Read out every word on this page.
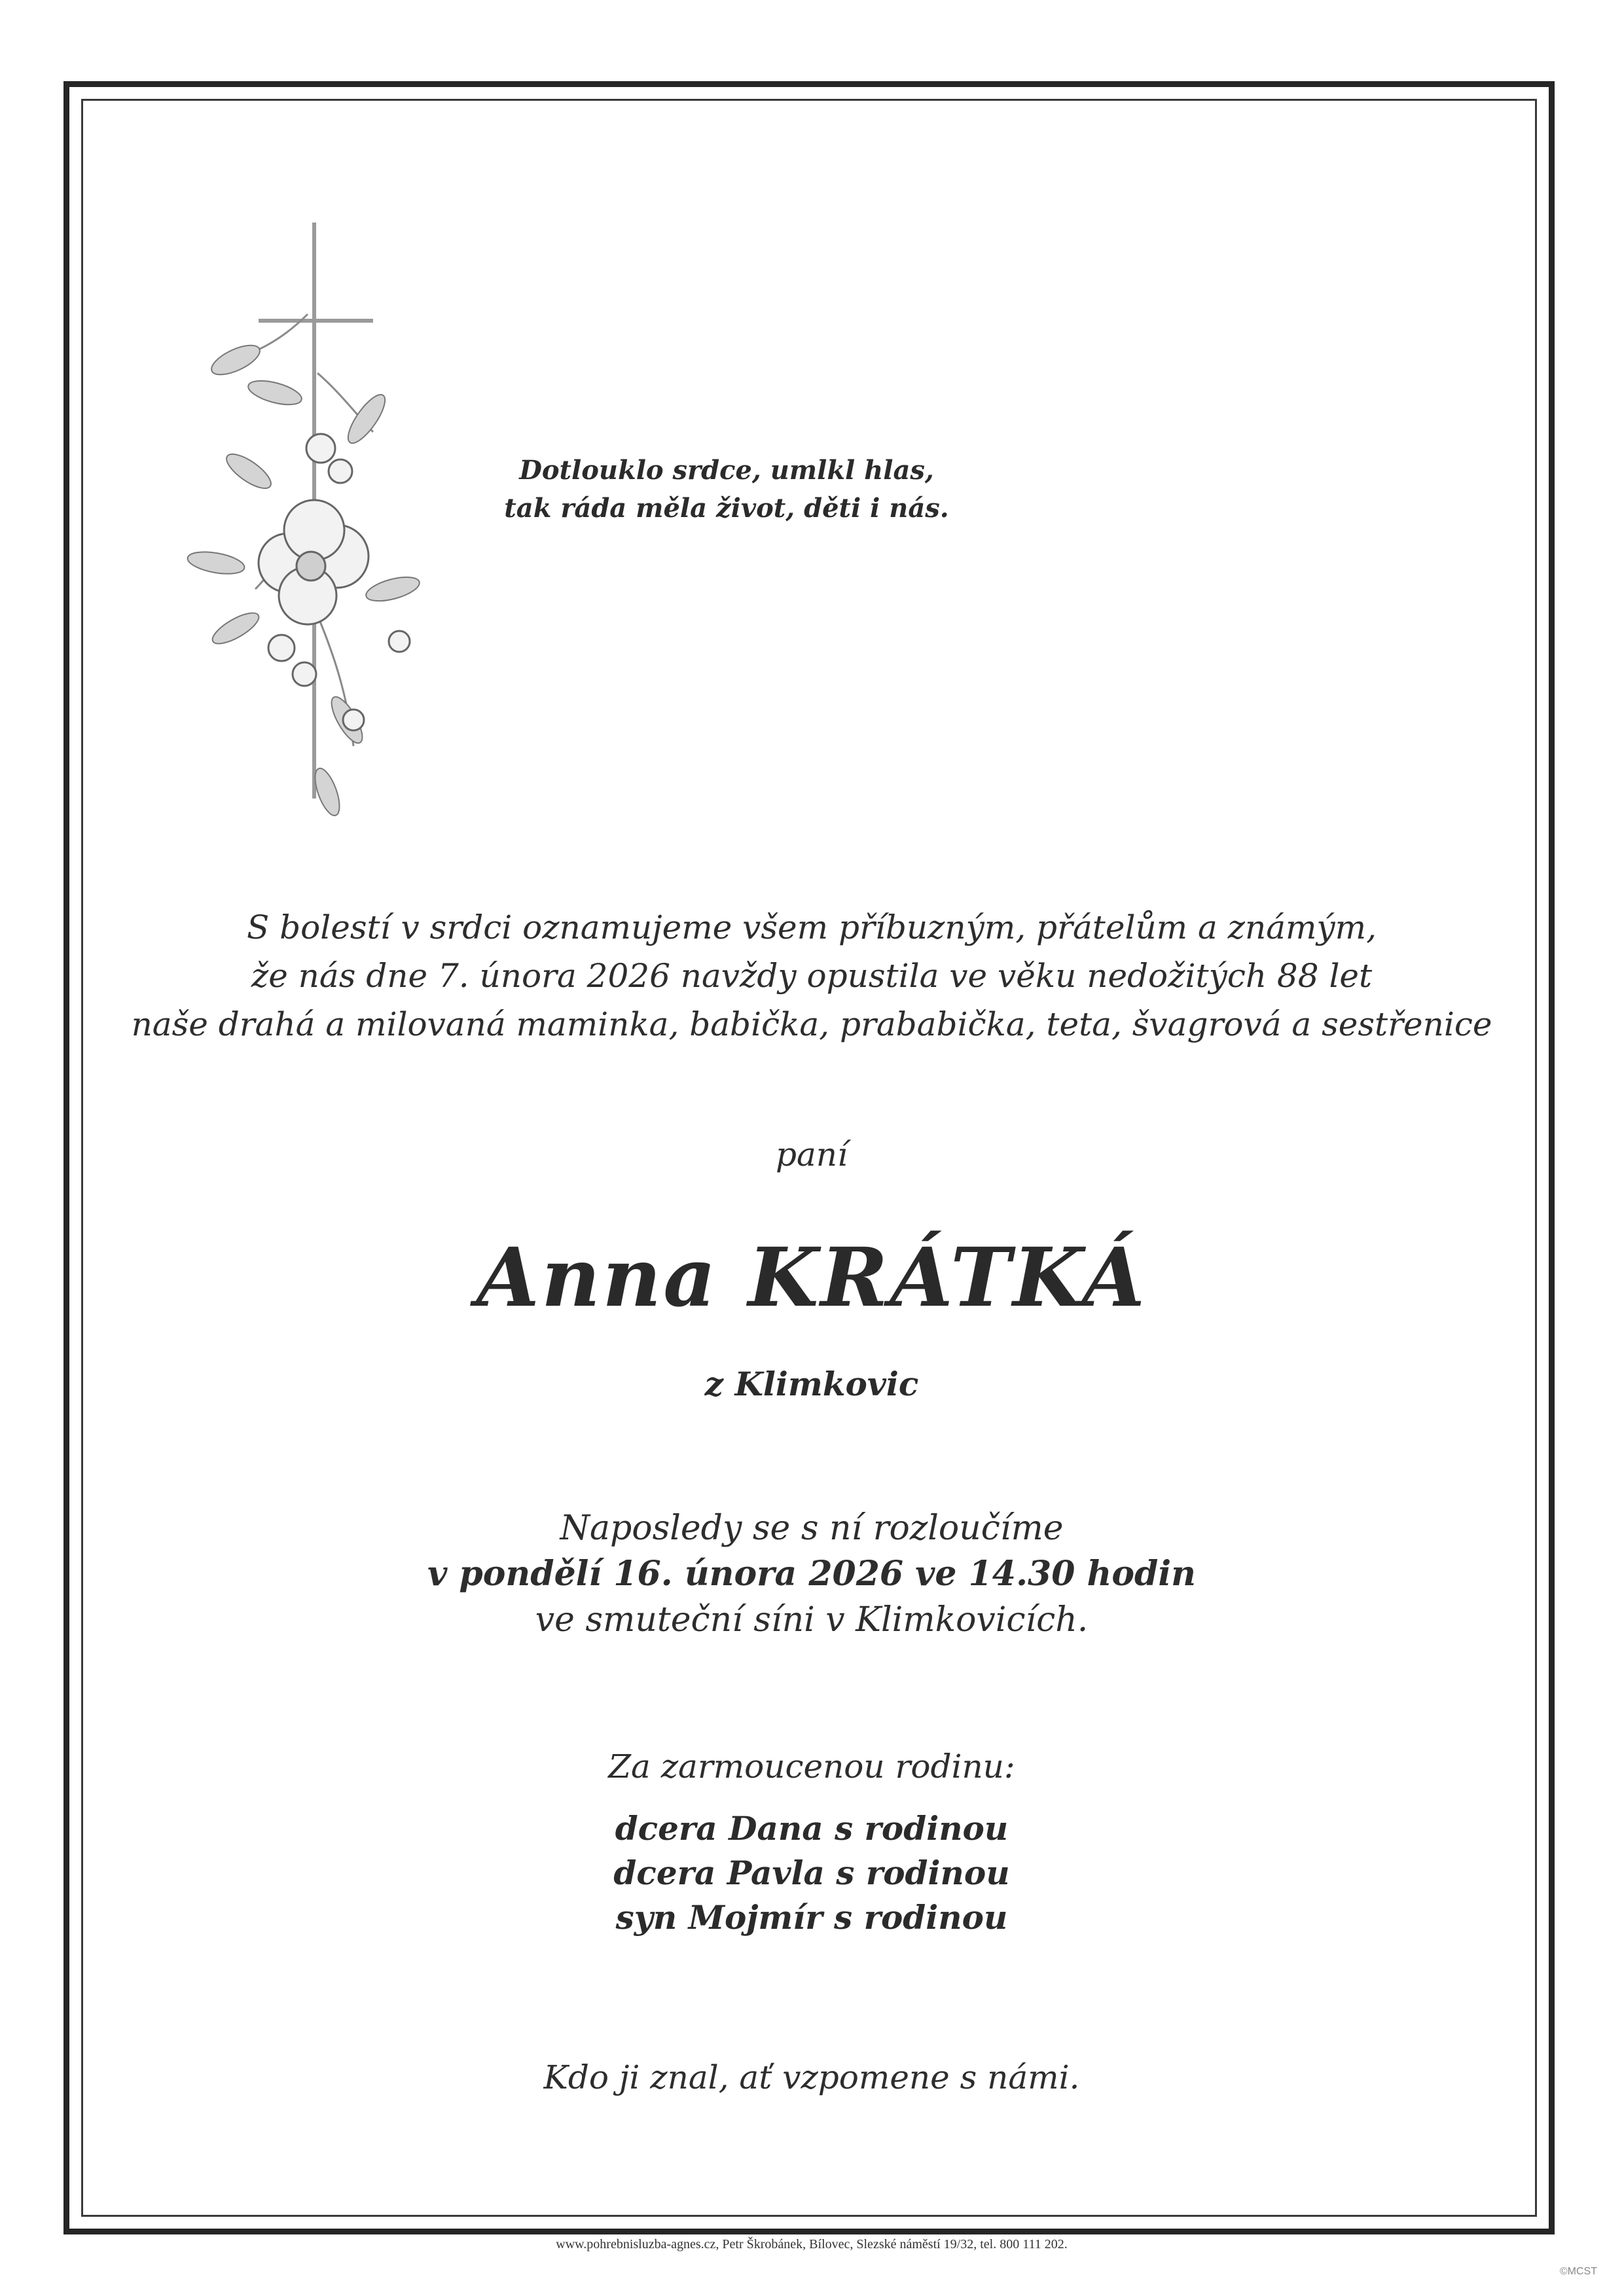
Dotlouklo srdce, umlkl hlas,
tak ráda měla život, děti i nás.
S bolestí v srdci oznamujeme všem příbuzným, přátelům a známým,
že nás dne 7. února 2026 navždy opustila ve věku nedožitých 88 let
naše drahá a milovaná maminka, babička, prababička, teta, švagrová a sestřenice
paní
Anna KRÁTKÁ
z Klimkovic
Naposledy se s ní rozloučíme
v pondělí 16. února 2026 ve 14.30 hodin
ve smuteční síni v Klimkovicích.
Za zarmoucenou rodinu:
dcera Dana s rodinou
dcera Pavla s rodinou
syn Mojmír s rodinou
Kdo ji znal, ať vzpomene s námi.
www.pohrebnisluzba-agnes.cz, Petr Škrobánek, Bílovec, Slezské náměstí 19/32, tel. 800 111 202.
©MCST
